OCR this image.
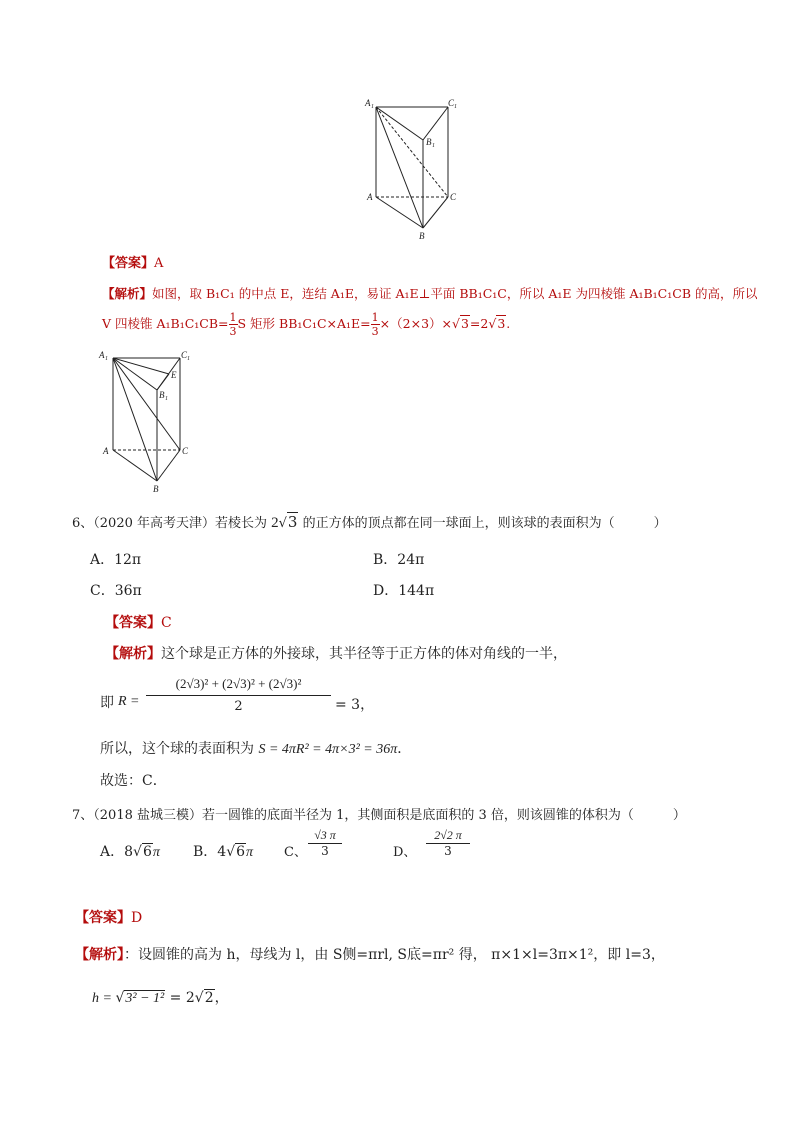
A 1	C 1
B 1
A	C
B
【答案】A
【解析】如图，取 B₁C₁ 的中点 E，连结 A₁E，易证 A₁E⊥平面 BB₁C₁C，所以 A₁E 为四棱锥 A₁B₁C₁CB 的高，所以
V 四棱锥 $A_1B_1C_1CB= \frac{1}{3}$ S 矩形 $BB_1C_1C\times A_1E= \frac{1}{3} \times(2\times 3)\times√3=2√3$.
A 1	C 1
E
B 1
A	C
B
6、（2020 年高考天津）若棱长为 2√3 的正方体的顶点都在同一球面上，则该球的表面积为（　　　）
A．12π	B．24π
C．36π	D．144π
【答案】C
【解析】这个球是正方体的外接球，其半径等于正方体的体对角线的一半，
即 R =
(2√3)² + (2√3)² + (2√3)²
2	= 3，
所以，这个球的表面积为 S = 4πR² = 4π×3² = 36π．
故选：C．
7、（2018 盐城三模）若一圆锥的底面半径为 1，其侧面积是底面积的 3 倍，则该圆锥的体积为（　　　）
A．8√6π B．4√6π C、
√3 π
3	D、
2√2 π
3
【答案】D
【解析】：设圆锥的高为 h，母线为 l，由 S侧=πrl, S底=πr² 得， π×1×l=3π×1²，即 l=3，
h = √3² − 1² = 2√2，
